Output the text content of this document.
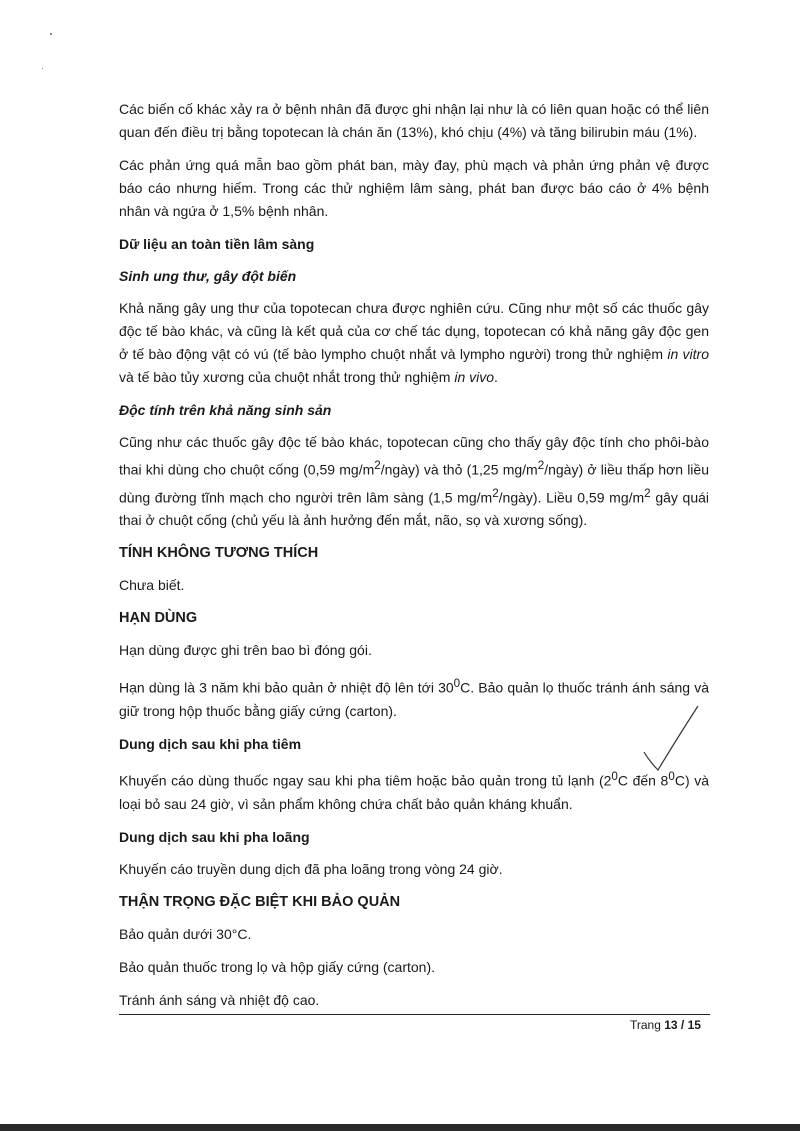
Các biến cố khác xảy ra ở bệnh nhân đã được ghi nhận lại như là có liên quan hoặc có thể liên quan đến điều trị bằng topotecan là chán ăn (13%), khó chịu (4%) và tăng bilirubin máu (1%).

Các phản ứng quá mẫn bao gồm phát ban, mày đay, phù mạch và phản ứng phản vệ được báo cáo nhưng hiếm. Trong các thử nghiệm lâm sàng, phát ban được báo cáo ở 4% bệnh nhân và ngứa ở 1,5% bệnh nhân.

Dữ liệu an toàn tiền lâm sàng
Sinh ung thư, gây đột biến

Khả năng gây ung thư của topotecan chưa được nghiên cứu. Cũng như một số các thuốc gây độc tế bào khác, và cũng là kết quả của cơ chế tác dụng, topotecan có khả năng gây độc gen ở tế bào động vật có vú (tế bào lympho chuột nhắt và lympho người) trong thử nghiệm in vitro và tế bào tủy xương của chuột nhắt trong thử nghiệm in vivo.

Độc tính trên khả năng sinh sản

Cũng như các thuốc gây độc tế bào khác, topotecan cũng cho thấy gây độc tính cho phôi-bào thai khi dùng cho chuột cống (0,59 $mg/m^2/ngày$) và thỏ (1,25 $mg/m^2/ngày$) ở liều thấp hơn liều dùng đường tĩnh mạch cho người trên lâm sàng (1,5 $mg/m^2/ngày$). Liều 0,59 $mg/m^2$ gây quái thai ở chuột cống (chủ yếu là ảnh hưởng đến mắt, não, sọ và xương sống).

TÍNH KHÔNG TƯƠNG THÍCH

Chưa biết.

HẠN DÙNG

Hạn dùng được ghi trên bao bì đóng gói.

Hạn dùng là 3 năm khi bảo quản ở nhiệt độ lên tới $30^0C$. Bảo quản lọ thuốc tránh ánh sáng và giữ trong hộp thuốc bằng giấy cứng (carton).

Dung dịch sau khi pha tiêm

Khuyến cáo dùng thuốc ngay sau khi pha tiêm hoặc bảo quản trong tủ lạnh ($2^0C$ đến $8^0C$) và loại bỏ sau 24 giờ, vì sản phẩm không chứa chất bảo quản kháng khuẩn.

Dung dịch sau khi pha loãng

Khuyến cáo truyền dung dịch đã pha loãng trong vòng 24 giờ.

THẬN TRỌNG ĐẶC BIỆT KHI BẢO QUẢN

Bảo quản dưới 30°C.

Bảo quản thuốc trong lọ và hộp giấy cứng (carton).

Tránh ánh sáng và nhiệt độ cao.

Trang 13 / 15
